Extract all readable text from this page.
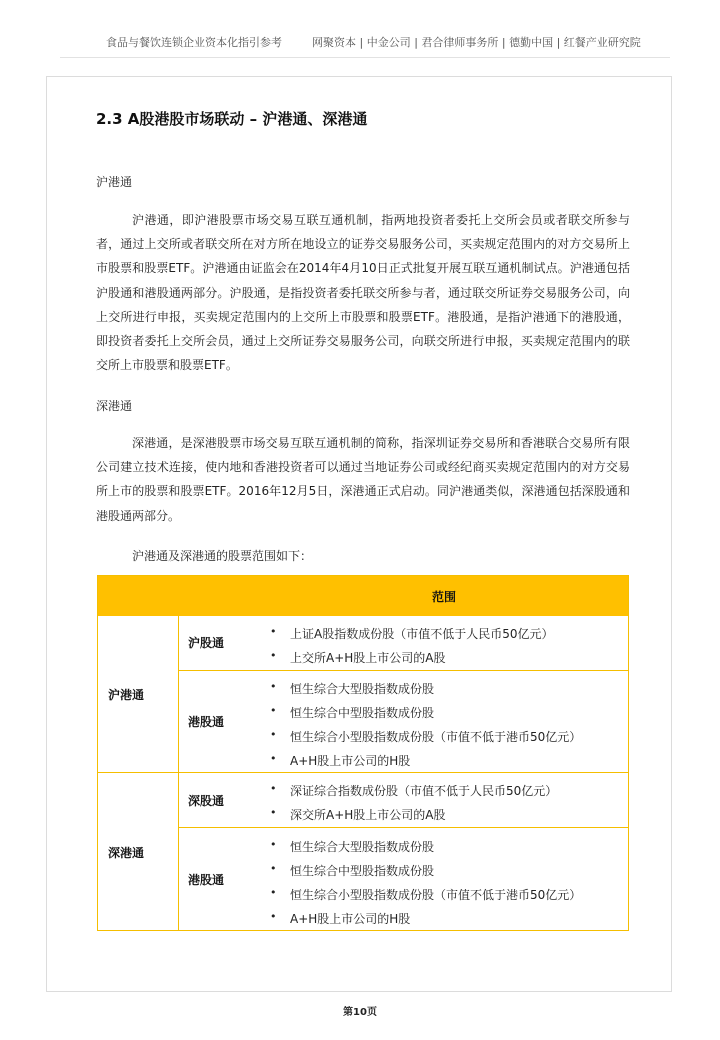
食品与餐饮连锁企业资本化指引参考	网聚资本 | 中金公司 | 君合律师事务所 | 德勤中国 | 红餐产业研究院
2.3 A股港股市场联动 – 沪港通、深港通
沪港通
沪港通，即沪港股票市场交易互联互通机制，指两地投资者委托上交所会员或者联交所参与者，通过上交所或者联交所在对方所在地设立的证券交易服务公司，买卖规定范围内的对方交易所上市股票和股票ETF。沪港通由证监会在2014年4月10日正式批复开展互联互通机制试点。沪港通包括沪股通和港股通两部分。沪股通，是指投资者委托联交所参与者，通过联交所证券交易服务公司，向上交所进行申报，买卖规定范围内的上交所上市股票和股票ETF。港股通，是指沪港通下的港股通，即投资者委托上交所会员，通过上交所证券交易服务公司，向联交所进行申报，买卖规定范围内的联交所上市股票和股票ETF。
深港通
深港通，是深港股票市场交易互联互通机制的简称，指深圳证券交易所和香港联合交易所有限公司建立技术连接，使内地和香港投资者可以通过当地证券公司或经纪商买卖规定范围内的对方交易所上市的股票和股票ETF。2016年12月5日，深港通正式启动。同沪港通类似，深港通包括深股通和港股通两部分。
沪港通及深港通的股票范围如下：
范围
沪港通
沪股通
• 上证A股指数成份股（市值不低于人民币50亿元）
• 上交所A+H股上市公司的A股
港股通
• 恒生综合大型股指数成份股
• 恒生综合中型股指数成份股
• 恒生综合小型股指数成份股（市值不低于港币50亿元）
• A+H股上市公司的H股
深港通
深股通
• 深证综合指数成份股（市值不低于人民币50亿元）
• 深交所A+H股上市公司的A股
港股通
• 恒生综合大型股指数成份股
• 恒生综合中型股指数成份股
• 恒生综合小型股指数成份股（市值不低于港币50亿元）
• A+H股上市公司的H股
第10页
